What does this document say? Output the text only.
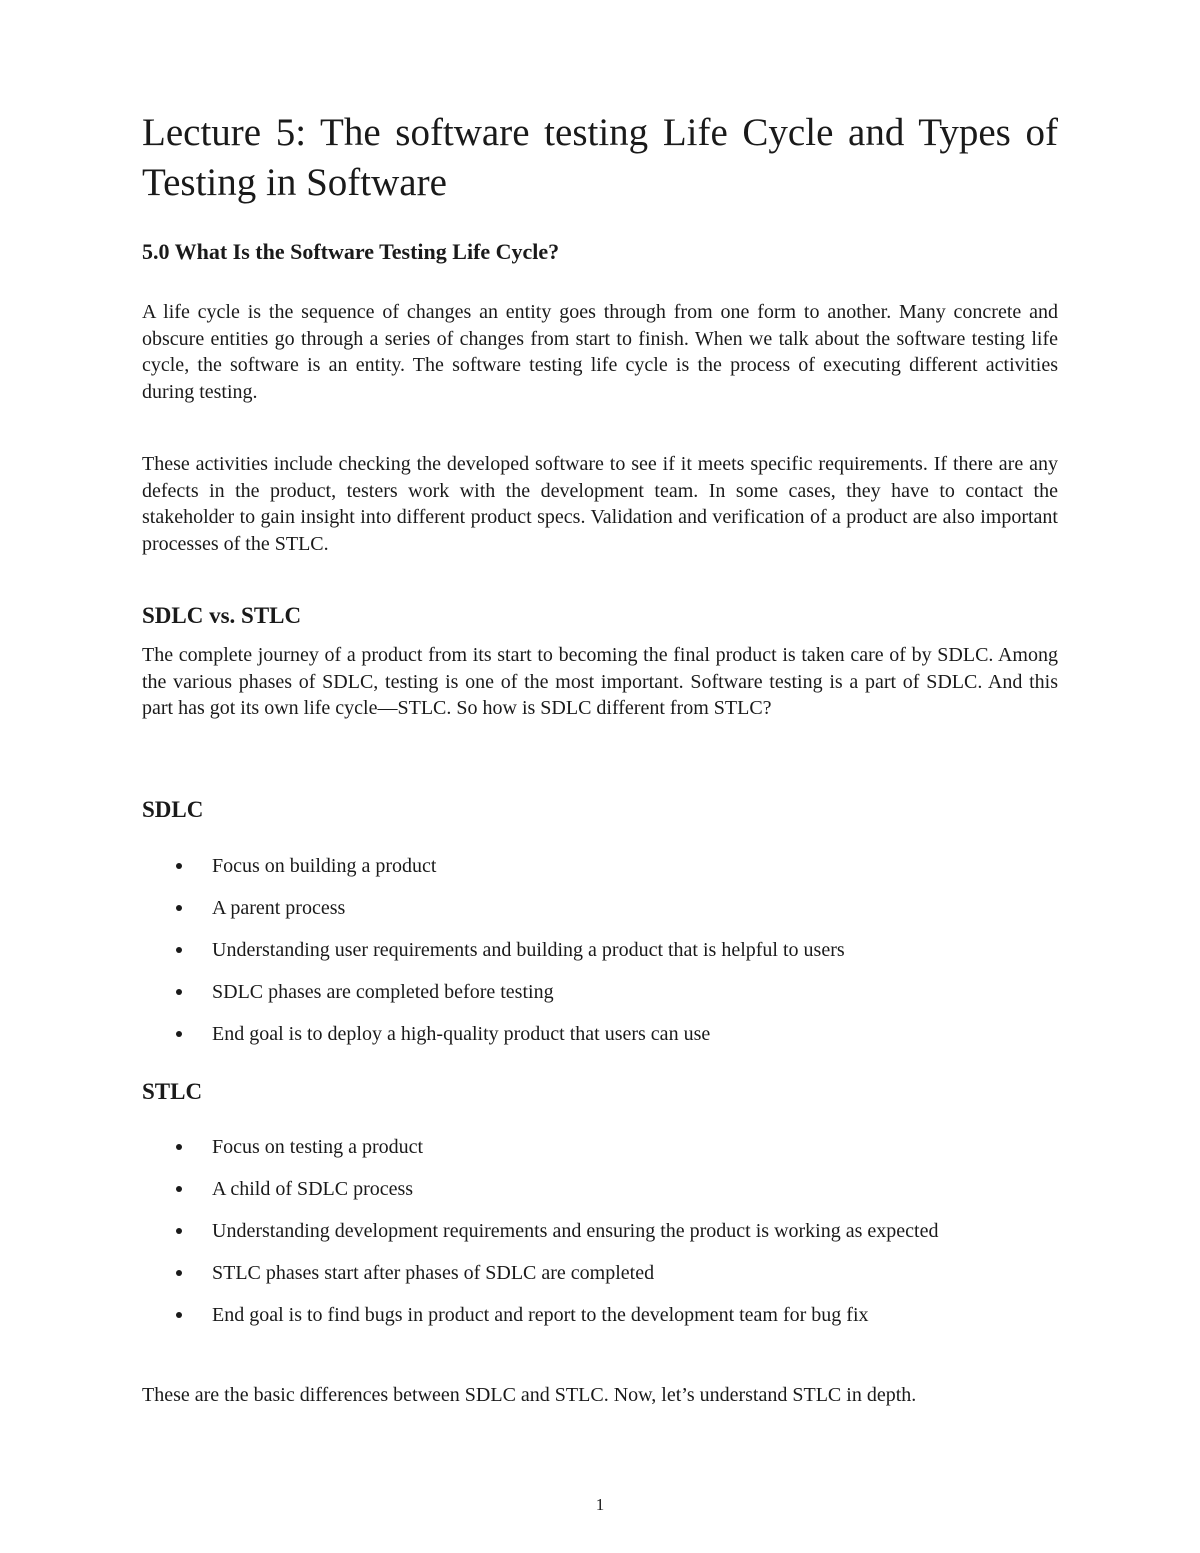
Lecture 5: The software testing Life Cycle and Types of Testing in Software
5.0 What Is the Software Testing Life Cycle?

A life cycle is the sequence of changes an entity goes through from one form to another. Many concrete and obscure entities go through a series of changes from start to finish. When we talk about the software testing life cycle, the software is an entity. The software testing life cycle is the process of executing different activities during testing.

These activities include checking the developed software to see if it meets specific requirements. If there are any defects in the product, testers work with the development team. In some cases, they have to contact the stakeholder to gain insight into different product specs. Validation and verification of a product are also important processes of the STLC.

SDLC vs. STLC

The complete journey of a product from its start to becoming the final product is taken care of by SDLC. Among the various phases of SDLC, testing is one of the most important. Software testing is a part of SDLC. And this part has got its own life cycle—STLC. So how is SDLC different from STLC?

SDLC
Focus on building a product
A parent process
Understanding user requirements and building a product that is helpful to users
SDLC phases are completed before testing
End goal is to deploy a high-quality product that users can use
STLC
Focus on testing a product
A child of SDLC process
Understanding development requirements and ensuring the product is working as expected
STLC phases start after phases of SDLC are completed
End goal is to find bugs in product and report to the development team for bug fix

These are the basic differences between SDLC and STLC. Now, let’s understand STLC in depth.

1
